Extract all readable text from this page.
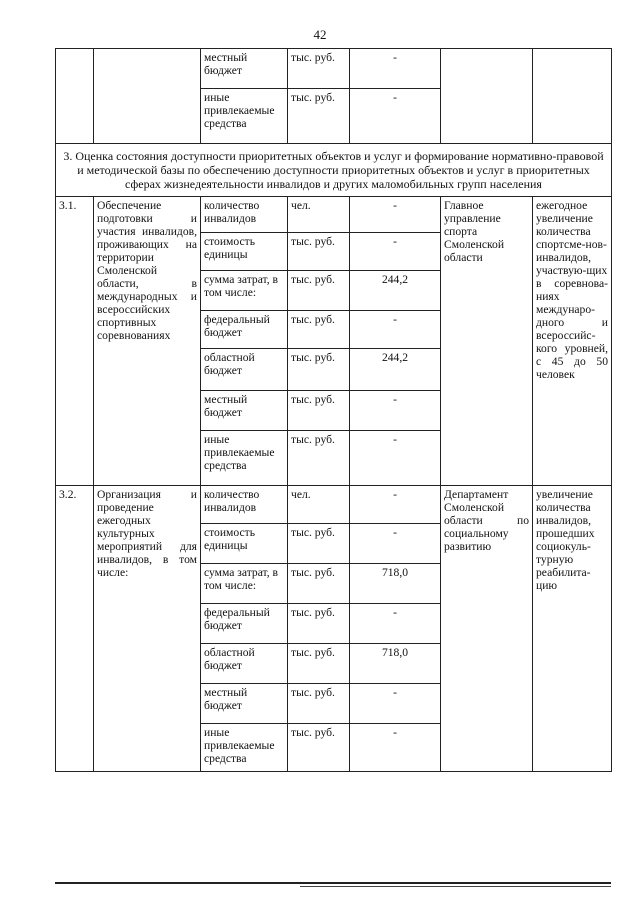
42
		местный бюджет	тыс. руб.	-		
		иные привлекаемые средства	тыс. руб.	-		
3. Оценка состояния доступности приоритетных объектов и услуг и формирование нормативно-правовой и методической базы по обеспечению доступности приоритетных объектов и услуг в приоритетных сферах жизнедеятельности инвалидов и других маломобильных групп населения						
3.1.	Обеспечение подготовки и участия инвалидов, проживающих на территории Смоленской области, в международных и всероссийских спортивных соревнованиях	количество инвалидов	чел.	-	Главное управление спорта Смоленской области	ежегодное увеличение количества спортсме-нов-инвалидов, участвую-щих в соревнова-ниях междунаро-дного и всероссийс-кого уровней, с 45 до 50 человек
		стоимость единицы	тыс. руб.	-		
		сумма затрат, в том числе:	тыс. руб.	244,2		
		федеральный бюджет	тыс. руб.	-		
		областной бюджет	тыс. руб.	244,2		
		местный бюджет	тыс. руб.	-		
		иные привлекаемые средства	тыс. руб.	-		
3.2.	Организация и проведение ежегодных культурных мероприятий для инвалидов, в том числе:	количество инвалидов	чел.	-	Департамент Смоленской области по социальному развитию	увеличение количества инвалидов, прошедших социокуль-турную реабилита-цию
		стоимость единицы	тыс. руб.	-		
		сумма затрат, в том числе:	тыс. руб.	718,0		
		федеральный бюджет	тыс. руб.	-		
		областной бюджет	тыс. руб.	718,0		
		местный бюджет	тыс. руб.	-		
		иные привлекаемые средства	тыс. руб.	-		
